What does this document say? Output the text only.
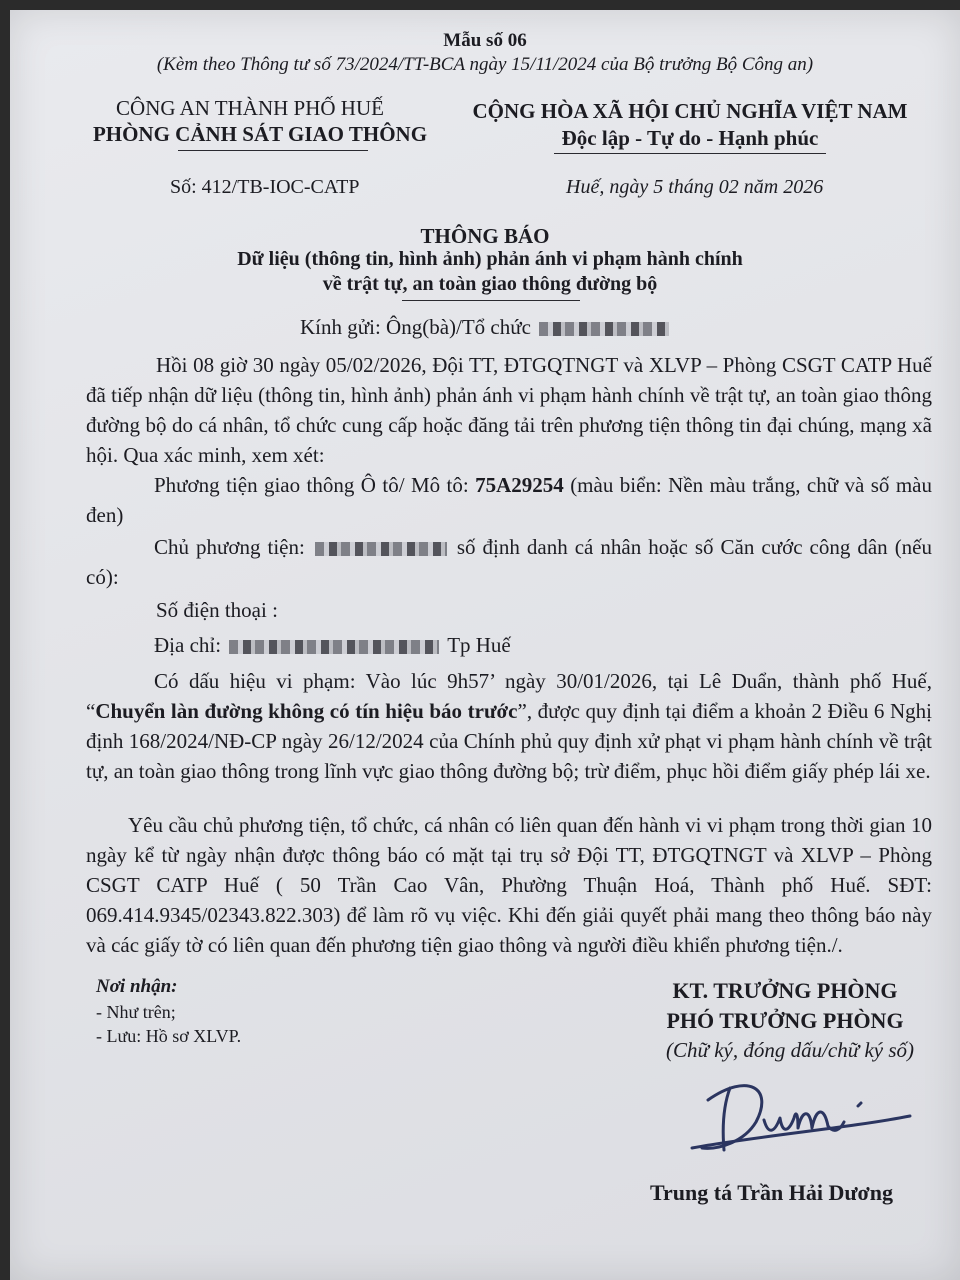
Mẫu số 06
(Kèm theo Thông tư số 73/2024/TT-BCA ngày 15/11/2024 của Bộ trưởng Bộ Công an)
CÔNG AN THÀNH PHỐ HUẾ
PHÒNG CẢNH SÁT GIAO THÔNG
CỘNG HÒA XÃ HỘI CHỦ NGHĨA VIỆT NAM
Độc lập - Tự do - Hạnh phúc
Số: 412/TB-IOC-CATP	Huế, ngày 5 tháng 02 năm 2026
THÔNG BÁO
Dữ liệu (thông tin, hình ảnh) phản ánh vi phạm hành chính
về trật tự, an toàn giao thông đường bộ
Kính gửi: Ông(bà)/Tổ chức
Hồi 08 giờ 30 ngày 05/02/2026, Đội TT, ĐTGQTNGT và XLVP – Phòng CSGT CATP Huế đã tiếp nhận dữ liệu (thông tin, hình ảnh) phản ánh vi phạm hành chính về trật tự, an toàn giao thông đường bộ do cá nhân, tổ chức cung cấp hoặc đăng tải trên phương tiện thông tin đại chúng, mạng xã hội. Qua xác minh, xem xét:
Phương tiện giao thông Ô tô/ Mô tô: 75A29254 (màu biển: Nền màu trắng, chữ và số màu đen)
Chủ phương tiện:	số định danh cá nhân hoặc số Căn cước công dân (nếu có):
Số điện thoại :
Địa chỉ:	Tp Huế
Có dấu hiệu vi phạm: Vào lúc 9h57’ ngày 30/01/2026, tại Lê Duẩn, thành phố Huế, “Chuyển làn đường không có tín hiệu báo trước”, được quy định tại điểm a khoản 2 Điều 6 Nghị định 168/2024/NĐ-CP ngày 26/12/2024 của Chính phủ quy định xử phạt vi phạm hành chính về trật tự, an toàn giao thông trong lĩnh vực giao thông đường bộ; trừ điểm, phục hồi điểm giấy phép lái xe.
Yêu cầu chủ phương tiện, tổ chức, cá nhân có liên quan đến hành vi vi phạm trong thời gian 10 ngày kể từ ngày nhận được thông báo có mặt tại trụ sở Đội TT, ĐTGQTNGT và XLVP – Phòng CSGT CATP Huế ( 50 Trần Cao Vân, Phường Thuận Hoá, Thành phố Huế. SĐT: 069.414.9345/02343.822.303) để làm rõ vụ việc. Khi đến giải quyết phải mang theo thông báo này và các giấy tờ có liên quan đến phương tiện giao thông và người điều khiển phương tiện./.
Nơi nhận:
- Như trên;
- Lưu: Hồ sơ XLVP.
KT. TRƯỞNG PHÒNG
PHÓ TRƯỞNG PHÒNG
(Chữ ký, đóng dấu/chữ ký số)
Trung tá Trần Hải Dương
